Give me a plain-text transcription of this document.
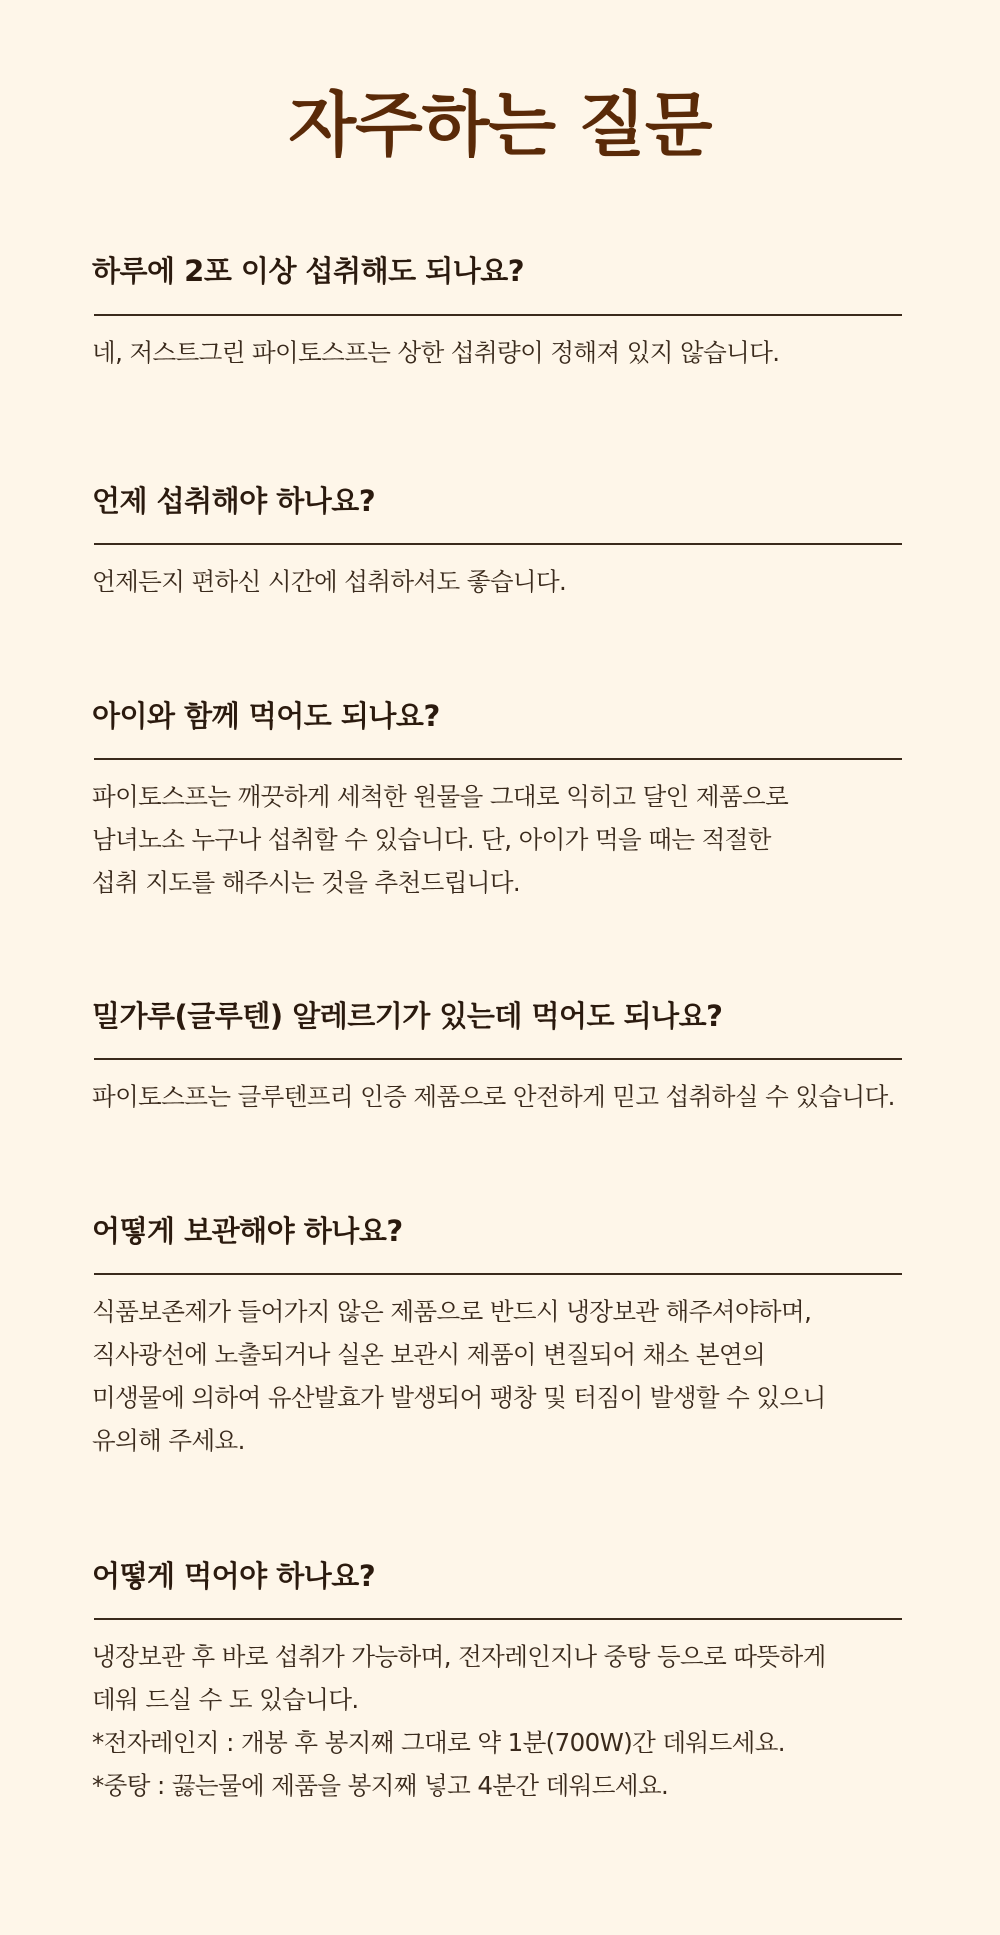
자주하는 질문
하루에 2포 이상 섭취해도 되나요?

네, 저스트그린 파이토스프는 상한 섭취량이 정해져 있지 않습니다.

언제 섭취해야 하나요?

언제든지 편하신 시간에 섭취하셔도 좋습니다.

아이와 함께 먹어도 되나요?

파이토스프는 깨끗하게 세척한 원물을 그대로 익히고 달인 제품으로
남녀노소 누구나 섭취할 수 있습니다. 단, 아이가 먹을 때는 적절한
섭취 지도를 해주시는 것을 추천드립니다.

밀가루(글루텐) 알레르기가 있는데 먹어도 되나요?

파이토스프는 글루텐프리 인증 제품으로 안전하게 믿고 섭취하실 수 있습니다.

어떻게 보관해야 하나요?

식품보존제가 들어가지 않은 제품으로 반드시 냉장보관 해주셔야하며,
직사광선에 노출되거나 실온 보관시 제품이 변질되어 채소 본연의
미생물에 의하여 유산발효가 발생되어 팽창 및 터짐이 발생할 수 있으니
유의해 주세요.

어떻게 먹어야 하나요?

냉장보관 후 바로 섭취가 가능하며, 전자레인지나 중탕 등으로 따뜻하게
데워 드실 수 도 있습니다.
*전자레인지 : 개봉 후 봉지째 그대로 약 1분(700W)간 데워드세요.
*중탕 : 끓는물에 제품을 봉지째 넣고 4분간 데워드세요.
